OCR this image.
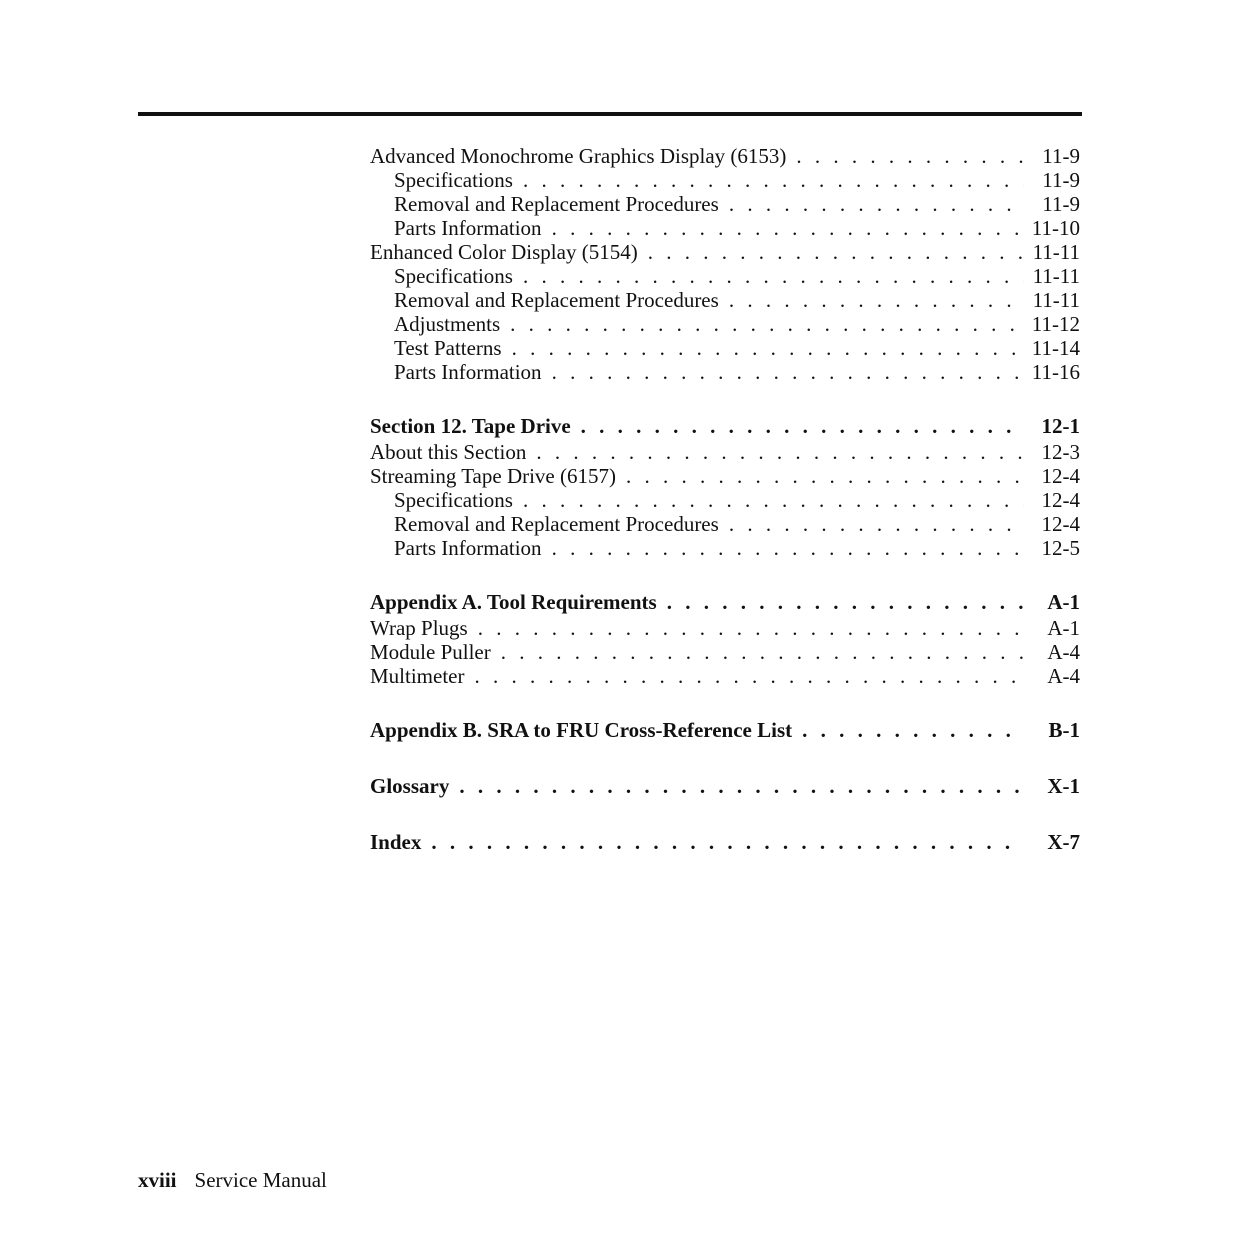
Advanced Monochrome Graphics Display (6153) . . .	11-9
Specifications . . .	11-9
Removal and Replacement Procedures . . .	11-9
Parts Information . . .	11-10
Enhanced Color Display (5154) . . .	11-11
Specifications . . .	11-11
Removal and Replacement Procedures . . .	11-11
Adjustments . . .	11-12
Test Patterns . . .	11-14
Parts Information . . .	11-16
Section 12. Tape Drive . . .	12-1
About this Section . . .	12-3
Streaming Tape Drive (6157) . . .	12-4
Specifications . . .	12-4
Removal and Replacement Procedures . . .	12-4
Parts Information . . .	12-5
Appendix A. Tool Requirements . . .	A-1
Wrap Plugs . . .	A-1
Module Puller . . .	A-4
Multimeter . . .	A-4
Appendix B. SRA to FRU Cross-Reference List . . .	B-1
Glossary . . .	X-1
Index . . .	X-7
xviii Service Manual
